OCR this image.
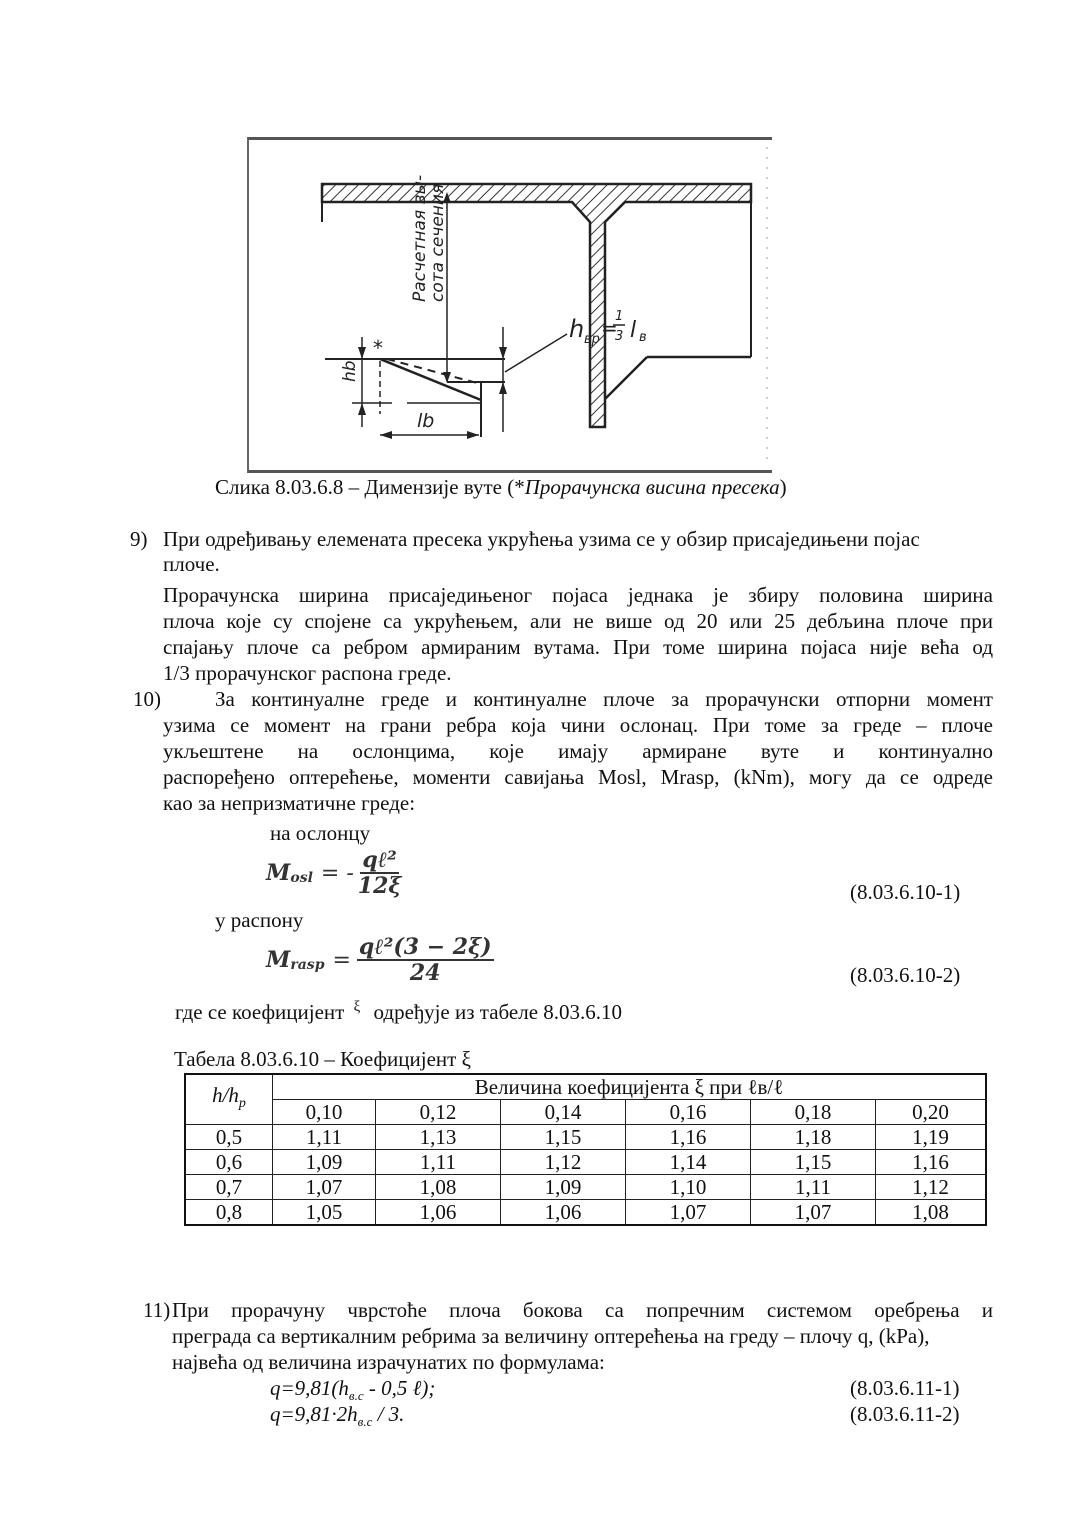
*
Расчетная вы-
сота сечения
hb
lb
h вр =
1
3 l в
Слика 8.03.6.8 – Димензије вуте (*Прорачунска висина пресека)
9) При одређивању елемената пресека укрућења узима се у обзир присаједињени појас
плоче.
Прорачунска ширина присаједињеног појаса једнака је збиру половина ширина
плоча које су спојене са укрућењем, али не више од 20 или 25 дебљина плоче при
спајању плоче са ребром армираним вутама. При томе ширина појаса није већа од
1/3 прорачунског распона греде.
10)	За континуалне греде и континуалне плоче за прорачунски отпорни момент
узима се момент на грани ребра која чини ослонац. При томе за греде – плоче
укљештене на ослонцима, које имају армиране вуте и континуално
распоређено оптерећење, моменти савијања Mosl, Mrasp, (kNm), могу да се одреде
као за непризматичне греде:
на ослонцу
$M_{osl}$ = - $\frac{\text{qℓ²}}{12\xi}$	(8.03.6.10-1)
у распону
$M_{rasp} = \frac{\text{qℓ²(3 − 2ξ)}}{24}$	(8.03.6.10-2)
где се коефицијент $^\xi$ одређује из табеле 8.03.6.10
Табела 8.03.6.10 – Коефицијент ξ
$h/h_p$	Величина коефицијента ξ при ℓв/ℓ					
	0,10	0,12	0,14	0,16	0,18	0,20
0,5	1,11	1,13	1,15	1,16	1,18	1,19
0,6	1,09	1,11	1,12	1,14	1,15	1,16
0,7	1,07	1,08	1,09	1,10	1,11	1,12
0,8	1,05	1,06	1,06	1,07	1,07	1,08
11) При прорачуну чврстоће плоча бокова са попречним системом оребрења и
преграда са вертикалним ребрима за величину оптерећења на греду – плочу q, (kPa),
највећа од величина израчунатих по формулама:
$q=9,81(h_{в.с} - 0,5$ ℓ);	(8.03.6.11-1)
$q=9,81\cdot 2h_{в.с} / 3$.	(8.03.6.11-2)
